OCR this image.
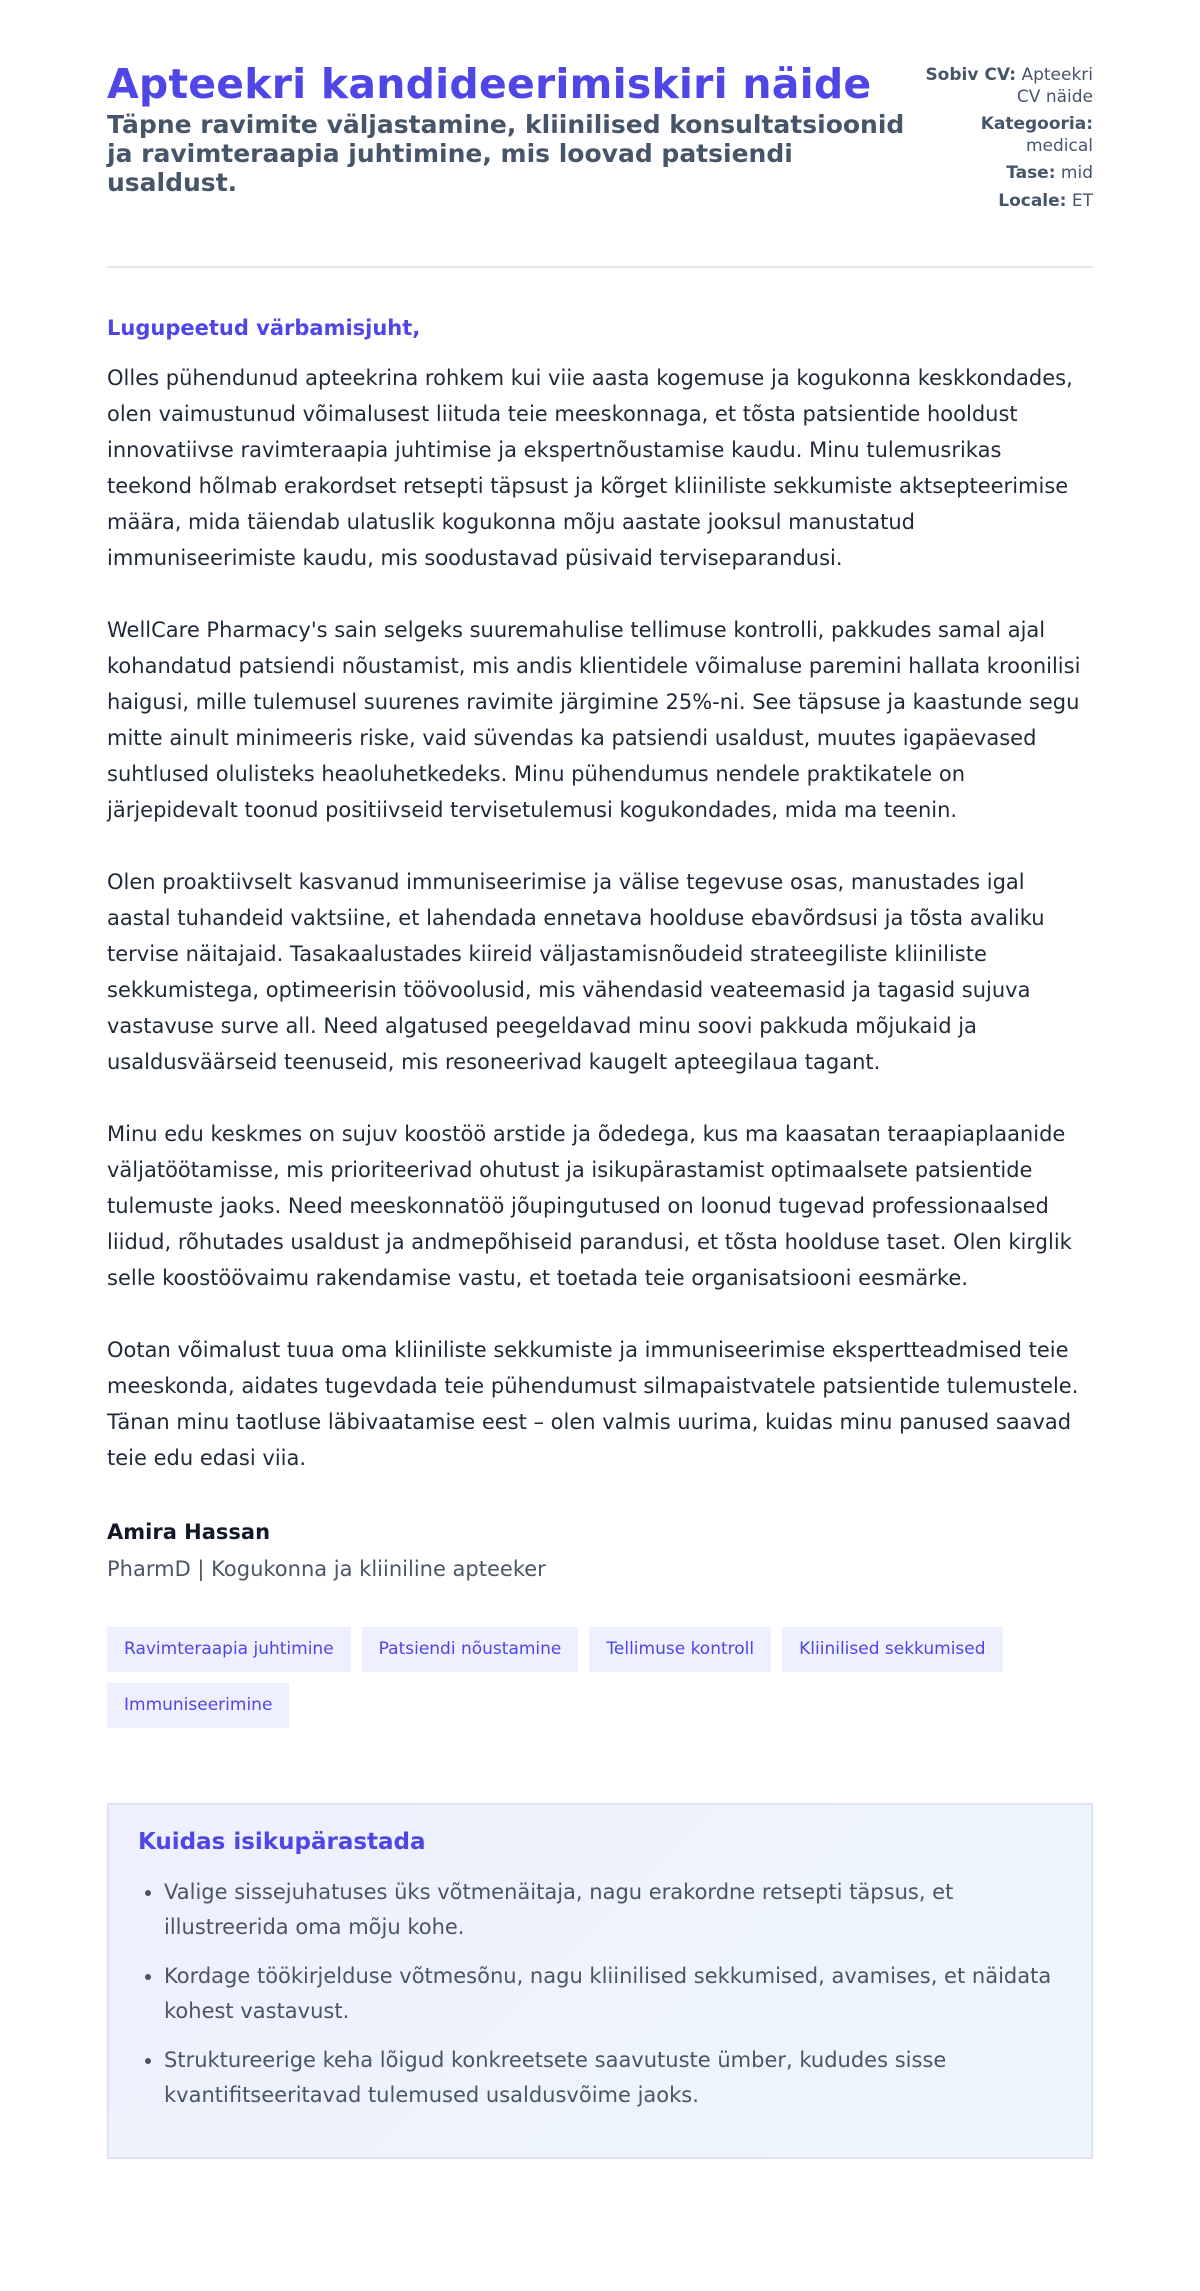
Apteekri kandideerimiskiri näide
Täpne ravimite väljastamine, kliinilised konsultatsioonid ja ravimteraapia juhtimine, mis loovad patsiendi usaldust.
Sobiv CV: Apteekri CV näide
Kategooria: medical
Tase: mid
Locale: ET
Lugupeetud värbamisjuht,

Olles pühendunud apteekrina rohkem kui viie aasta kogemuse ja kogukonna keskkondades, olen vaimustunud võimalusest liituda teie meeskonnaga, et tõsta patsientide hooldust innovatiivse ravimteraapia juhtimise ja ekspertnõustamise kaudu. Minu tulemusrikas teekond hõlmab erakordset retsepti täpsust ja kõrget kliiniliste sekkumiste aktsepteerimise määra, mida täiendab ulatuslik kogukonna mõju aastate jooksul manustatud immuniseerimiste kaudu, mis soodustavad püsivaid terviseparandusi.

WellCare Pharmacy's sain selgeks suuremahulise tellimuse kontrolli, pakkudes samal ajal kohandatud patsiendi nõustamist, mis andis klientidele võimaluse paremini hallata kroonilisi haigusi, mille tulemusel suurenes ravimite järgimine 25%-ni. See täpsuse ja kaastunde segu mitte ainult minimeeris riske, vaid süvendas ka patsiendi usaldust, muutes igapäevased suhtlused olulisteks heaoluhetkedeks. Minu pühendumus nendele praktikatele on järjepidevalt toonud positiivseid tervisetulemusi kogukondades, mida ma teenin.

Olen proaktiivselt kasvanud immuniseerimise ja välise tegevuse osas, manustades igal aastal tuhandeid vaktsiine, et lahendada ennetava hoolduse ebavõrdsusi ja tõsta avaliku tervise näitajaid. Tasakaalustades kiireid väljastamisnõudeid strateegiliste kliiniliste sekkumistega, optimeerisin töövoolusid, mis vähendasid veateemasid ja tagasid sujuva vastavuse surve all. Need algatused peegeldavad minu soovi pakkuda mõjukaid ja usaldusväärseid teenuseid, mis resoneerivad kaugelt apteegilaua tagant.

Minu edu keskmes on sujuv koostöö arstide ja õdedega, kus ma kaasatan teraapiaplaanide väljatöötamisse, mis prioriteerivad ohutust ja isikupärastamist optimaalsete patsientide tulemuste jaoks. Need meeskonnatöö jõupingutused on loonud tugevad professionaalsed liidud, rõhutades usaldust ja andmepõhiseid parandusi, et tõsta hoolduse taset. Olen kirglik selle koostöövaimu rakendamise vastu, et toetada teie organisatsiooni eesmärke.

Ootan võimalust tuua oma kliiniliste sekkumiste ja immuniseerimise ekspertteadmised teie meeskonda, aidates tugevdada teie pühendumust silmapaistvatele patsientide tulemustele. Tänan minu taotluse läbivaatamise eest – olen valmis uurima, kuidas minu panused saavad teie edu edasi viia.

Amira Hassan
PharmD | Kogukonna ja kliiniline apteeker
Ravimteraapia juhtimine	Patsiendi nõustamine	Tellimuse kontroll	Kliinilised sekkumised
Immuniseerimine
Kuidas isikupärastada
• Valige sissejuhatuses üks võtmenäitaja, nagu erakordne retsepti täpsus, et illustreerida oma mõju kohe.
• Kordage töökirjelduse võtmesõnu, nagu kliinilised sekkumised, avamises, et näidata kohest vastavust.
• Struktureerige keha lõigud konkreetsete saavutuste ümber, kududes sisse kvantifitseeritavad tulemused usaldusvõime jaoks.
